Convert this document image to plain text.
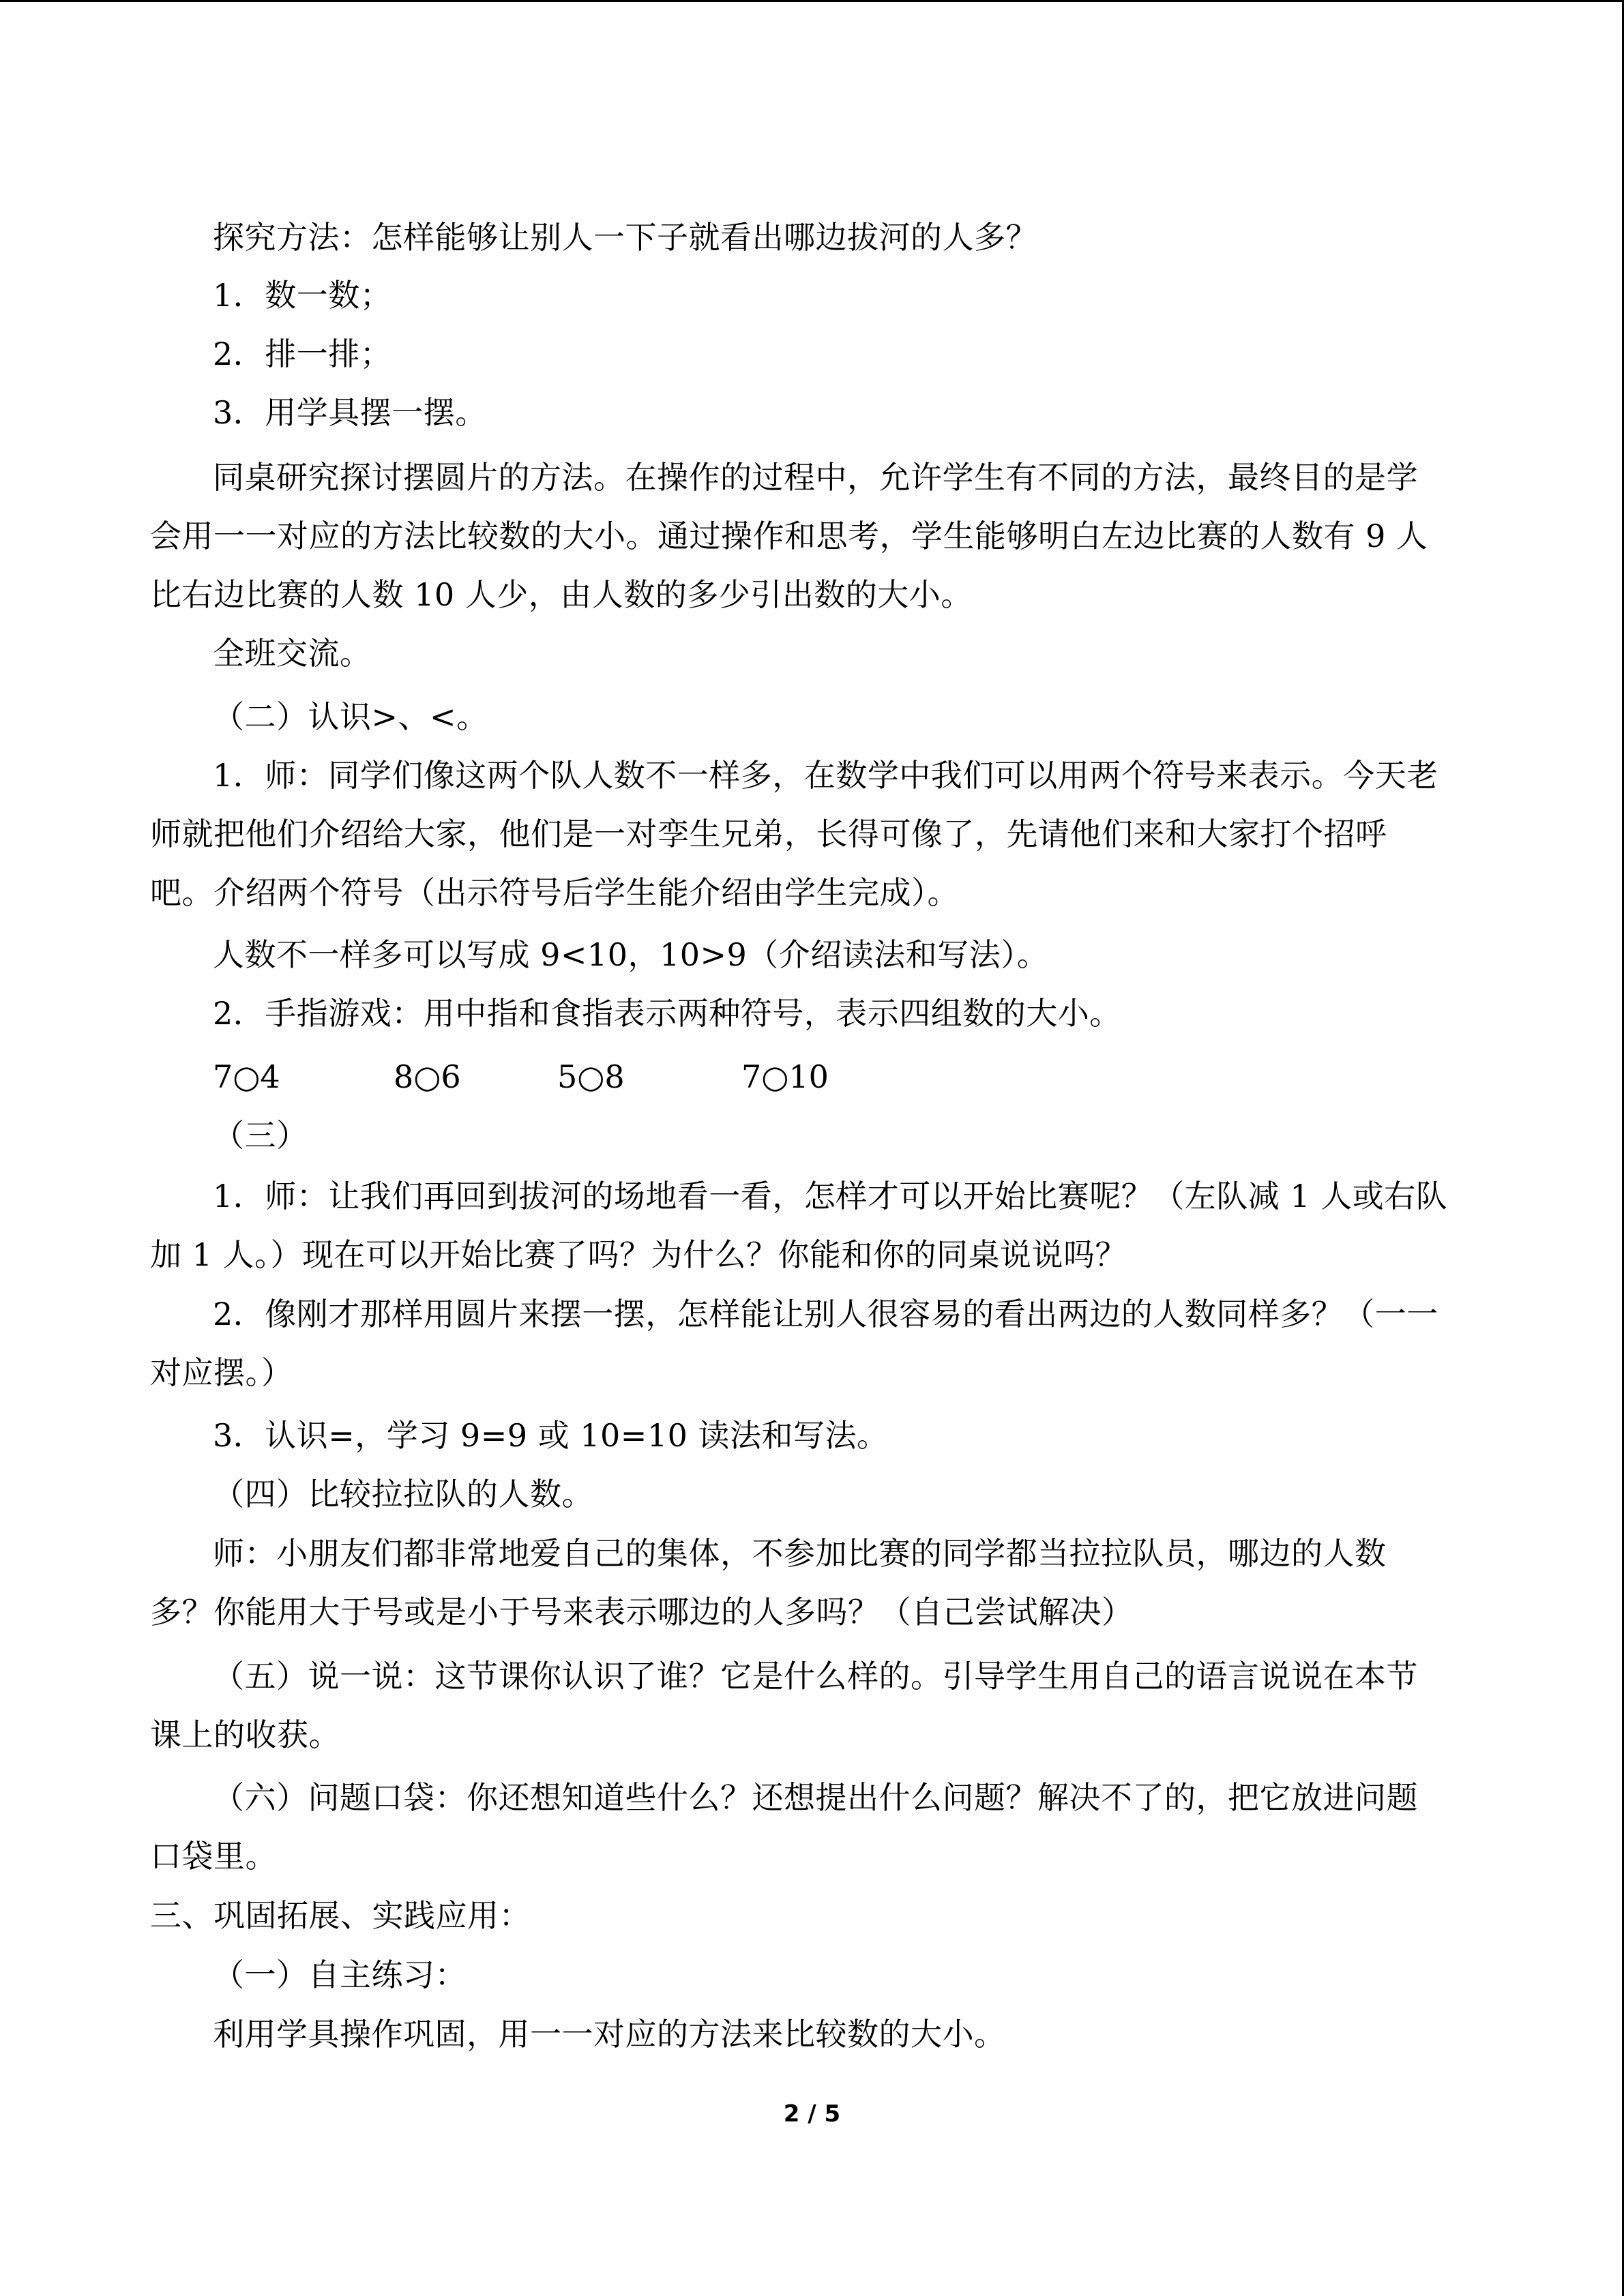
探究方法：怎样能够让别人一下子就看出哪边拔河的人多？
1．数一数；
2．排一排；
3．用学具摆一摆。
同桌研究探讨摆圆片的方法。在操作的过程中，允许学生有不同的方法，最终目的是学
会用一一对应的方法比较数的大小。通过操作和思考，学生能够明白左边比赛的人数有 9 人
比右边比赛的人数 10 人少，由人数的多少引出数的大小。
全班交流。
（二）认识>、<。
1．师：同学们像这两个队人数不一样多，在数学中我们可以用两个符号来表示。今天老
师就把他们介绍给大家，他们是一对孪生兄弟，长得可像了，先请他们来和大家打个招呼
吧。介绍两个符号（出示符号后学生能介绍由学生完成）。
人数不一样多可以写成 9<10，10>9（介绍读法和写法）。
2．手指游戏：用中指和食指表示两种符号，表示四组数的大小。
7○4	8○6	5○8	7○10
（三）
1．师：让我们再回到拔河的场地看一看，怎样才可以开始比赛呢？（左队减 1 人或右队
加 1 人。）现在可以开始比赛了吗？为什么？你能和你的同桌说说吗？
2．像刚才那样用圆片来摆一摆，怎样能让别人很容易的看出两边的人数同样多？（一一
对应摆。）
3．认识=，学习 9=9 或 10=10 读法和写法。
（四）比较拉拉队的人数。
师：小朋友们都非常地爱自己的集体，不参加比赛的同学都当拉拉队员，哪边的人数
多？你能用大于号或是小于号来表示哪边的人多吗？（自己尝试解决）
（五）说一说：这节课你认识了谁？它是什么样的。引导学生用自己的语言说说在本节
课上的收获。
（六）问题口袋：你还想知道些什么？还想提出什么问题？解决不了的，把它放进问题
口袋里。
三、巩固拓展、实践应用：
（一）自主练习：
利用学具操作巩固，用一一对应的方法来比较数的大小。
2 / 5
